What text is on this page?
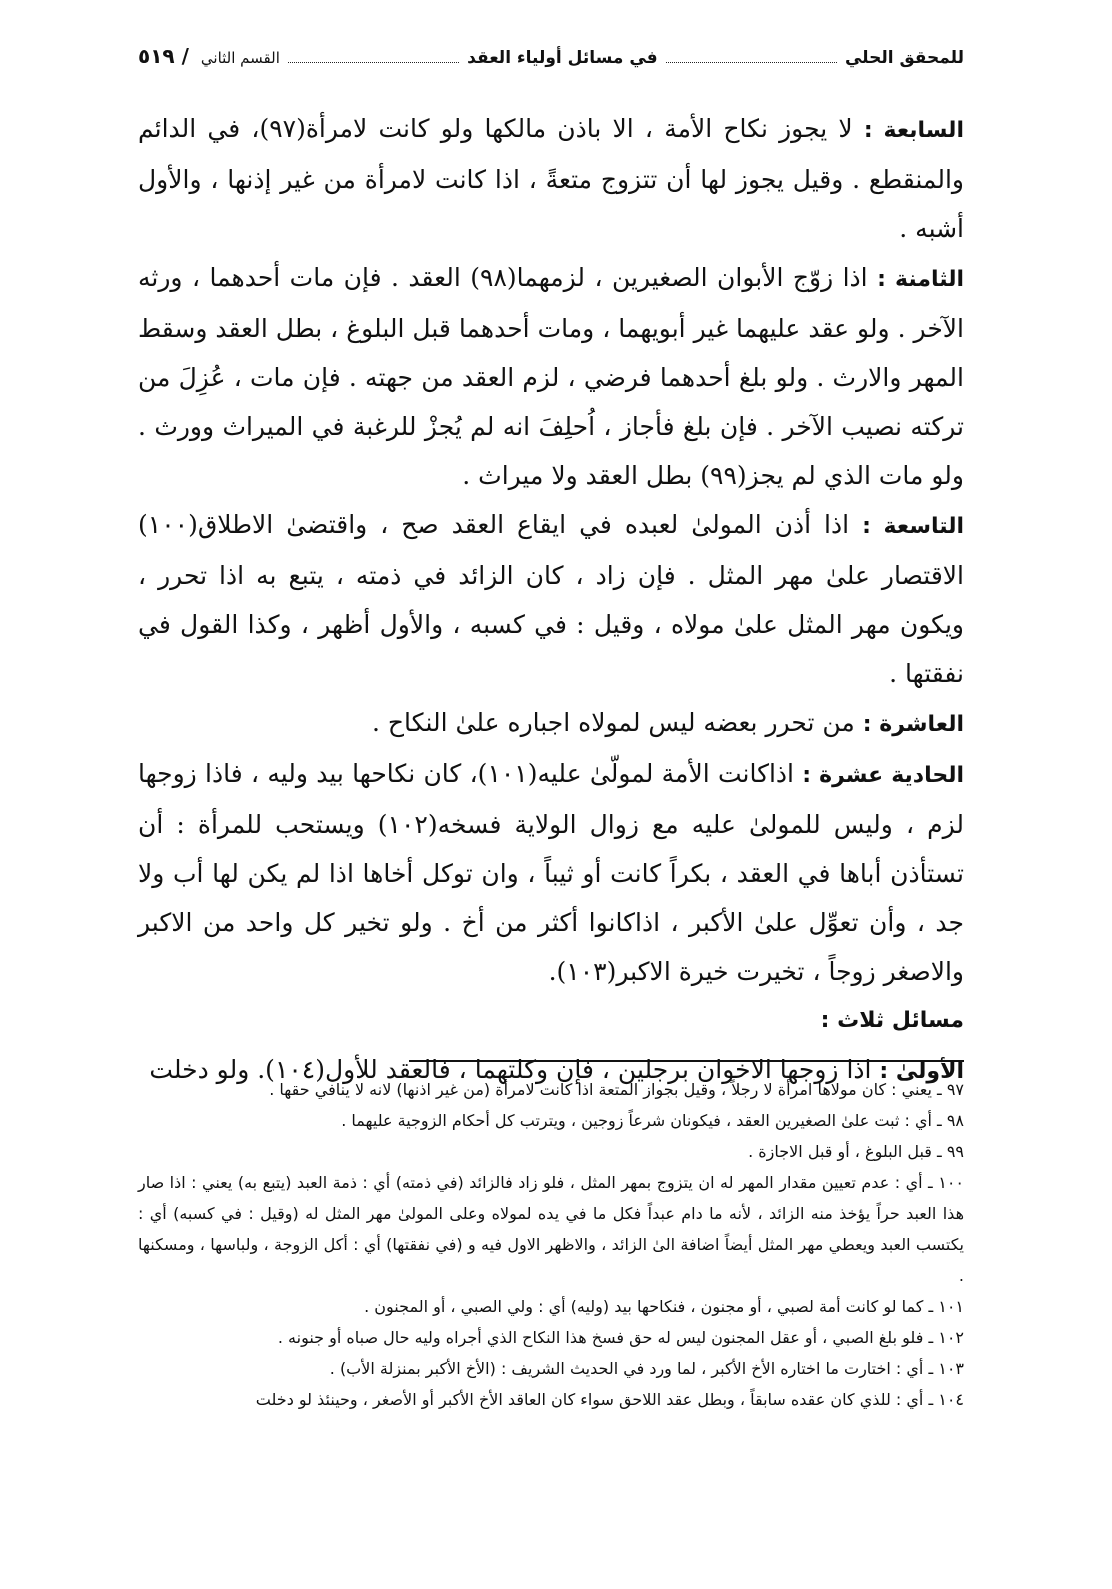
للمحقق الحلي
في مسائل أولياء العقد
القسم الثاني
/ ٥١٩

السابعة : لا يجوز نكاح الأمة ، الا باذن مالكها ولو كانت لامرأة(٩٧)، في الدائم والمنقطع . وقيل يجوز لها أن تتزوج متعةً ، اذا كانت لامرأة من غير إذنها ، والأول أشبه .

الثامنة : اذا زوّج الأبوان الصغيرين ، لزمهما(٩٨) العقد . فإن مات أحدهما ، ورثه الآخر . ولو عقد عليهما غير أبويهما ، ومات أحدهما قبل البلوغ ، بطل العقد وسقط المهر والارث . ولو بلغ أحدهما فرضي ، لزم العقد من جهته . فإن مات ، عُزِلَ من تركته نصيب الآخر . فإن بلغ فأجاز ، اُحلِفَ انه لم يُجزْ للرغبة في الميراث وورث . ولو مات الذي لم يجز(٩٩) بطل العقد ولا ميراث .

التاسعة : اذا أذن المولىٰ لعبده في ايقاع العقد صح ، واقتضىٰ الاطلاق(١٠٠) الاقتصار علىٰ مهر المثل . فإن زاد ، كان الزائد في ذمته ، يتبع به اذا تحرر ، ويكون مهر المثل علىٰ مولاه ، وقيل : في كسبه ، والأول أظهر ، وكذا القول في نفقتها .

العاشرة : من تحرر بعضه ليس لمولاه اجباره علىٰ النكاح .

الحادية عشرة : اذاكانت الأمة لمولّىٰ عليه(١٠١)، كان نكاحها بيد وليه ، فاذا زوجها لزم ، وليس للمولىٰ عليه مع زوال الولاية فسخه(١٠٢) ويستحب للمرأة : أن تستأذن أباها في العقد ، بكراً كانت أو ثيباً ، وان توكل أخاها اذا لم يكن لها أب ولا جد ، وأن تعوِّل علىٰ الأكبر ، اذاكانوا أكثر من أخ . ولو تخير كل واحد من الاكبر والاصغر زوجاً ، تخيرت خيرة الاكبر(١٠٣).

مسائل ثلاث :

الأولىٰ : اذا زوجها الاخوان برجلين ، فإن وكلتهما ، فالعقد للأول(١٠٤). ولو دخلت

٩٧ ـ يعني : كان مولاها امرأة لا رجلاً ، وقيل بجواز المتعة اذا كانت لامرأة (من غير اذنها) لانه لا ينافي حقها .

٩٨ ـ أي : ثبت علىٰ الصغيرين العقد ، فيكونان شرعاً زوجين ، ويترتب كل أحكام الزوجية عليهما .

٩٩ ـ قبل البلوغ ، أو قبل الاجازة .

١٠٠ ـ أي : عدم تعيين مقدار المهر له ان يتزوج بمهر المثل ، فلو زاد فالزائد (في ذمته) أي : ذمة العبد (يتبع به) يعني : اذا صار هذا العبد حراً يؤخذ منه الزائد ، لأنه ما دام عبداً فكل ما في يده لمولاه وعلى المولىٰ مهر المثل له (وقيل : في كسبه) أي : يكتسب العبد ويعطي مهر المثل أيضاً اضافة الىٰ الزائد ، والاظهر الاول فيه و (في نفقتها) أي : أكل الزوجة ، ولباسها ، ومسكنها .

١٠١ ـ كما لو كانت أمة لصبي ، أو مجنون ، فنكاحها بيد (وليه) أي : ولي الصبي ، أو المجنون .

١٠٢ ـ فلو بلغ الصبي ، أو عقل المجنون ليس له حق فسخ هذا النكاح الذي أجراه وليه حال صباه أو جنونه .

١٠٣ ـ أي : اختارت ما اختاره الأخ الأكبر ، لما ورد في الحديث الشريف : (الأخ الأكبر بمنزلة الأب) .

١٠٤ ـ أي : للذي كان عقده سابقاً ، وبطل عقد اللاحق سواء كان العاقد الأخ الأكبر أو الأصغر ، وحينئذ لو دخلت
